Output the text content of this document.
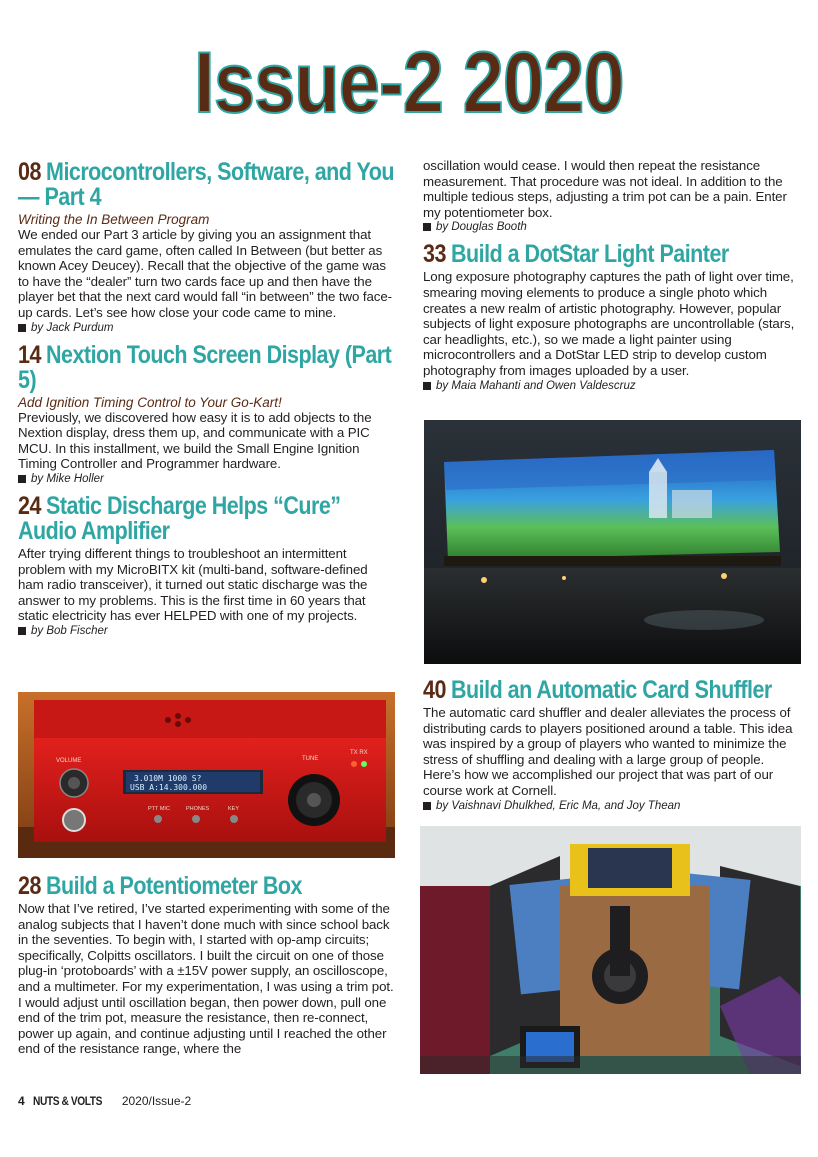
Issue-2 2020
08 Microcontrollers, Software, and You — Part 4

Writing the In Between Program

We ended our Part 3 article by giving you an assignment that emulates the card game, often called In Between (but better as known Acey Deucey). Recall that the objective of the game was to have the “dealer” turn two cards face up and then have the player bet that the next card would fall “in between” the two face-up cards. Let’s see how close your code came to mine.

by Jack Purdum
14 Nextion Touch Screen Display (Part 5)

Add Ignition Timing Control to Your Go-Kart!

Previously, we discovered how easy it is to add objects to the Nextion display, dress them up, and communicate with a PIC MCU. In this installment, we build the Small Engine Ignition Timing Controller and Programmer hardware.

by Mike Holler
24 Static Discharge Helps “Cure” Audio Amplifier

After trying different things to troubleshoot an intermittent problem with my MicroBITX kit (multi-band, software-defined ham radio transceiver), it turned out static discharge was the answer to my problems. This is the first time in 60 years that static electricity has ever HELPED with one of my projects.

by Bob Fischer
3.010M 1000 S?
USB A:14.300.000
VOLUME	TUNE
TX RX
PTT MIC	PHONES	KEY
28 Build a Potentiometer Box

Now that I’ve retired, I’ve started experimenting with some of the analog subjects that I haven’t done much with since school back in the seventies. To begin with, I started with op-amp circuits; specifically, Colpitts oscillators. I built the circuit on one of those plug-in ‘protoboards’ with a ±15V power supply, an oscilloscope, and a multimeter. For my experimentation, I was using a trim pot. I would adjust until oscillation began, then power down, pull one end of the trim pot, measure the resistance, then re-connect, power up again, and continue adjusting until I reached the other end of the resistance range, where the

oscillation would cease. I would then repeat the resistance measurement. That procedure was not ideal. In addition to the multiple tedious steps, adjusting a trim pot can be a pain. Enter my potentiometer box.

by Douglas Booth
33 Build a DotStar Light Painter

Long exposure photography captures the path of light over time, smearing moving elements to produce a single photo which creates a new realm of artistic photography. However, popular subjects of light exposure photographs are uncontrollable (stars, car headlights, etc.), so we made a light painter using microcontrollers and a DotStar LED strip to develop custom photography from images uploaded by a user.

by Maia Mahanti and Owen Valdescruz
40 Build an Automatic Card Shuffler

The automatic card shuffler and dealer alleviates the process of distributing cards to players positioned around a table. This idea was inspired by a group of players who wanted to minimize the stress of shuffling and dealing with a large group of people. Here’s how we accomplished our project that was part of our course work at Cornell.

by Vaishnavi Dhulkhed, Eric Ma, and Joy Thean
4 NUTS & VOLTS 2020/Issue-2
